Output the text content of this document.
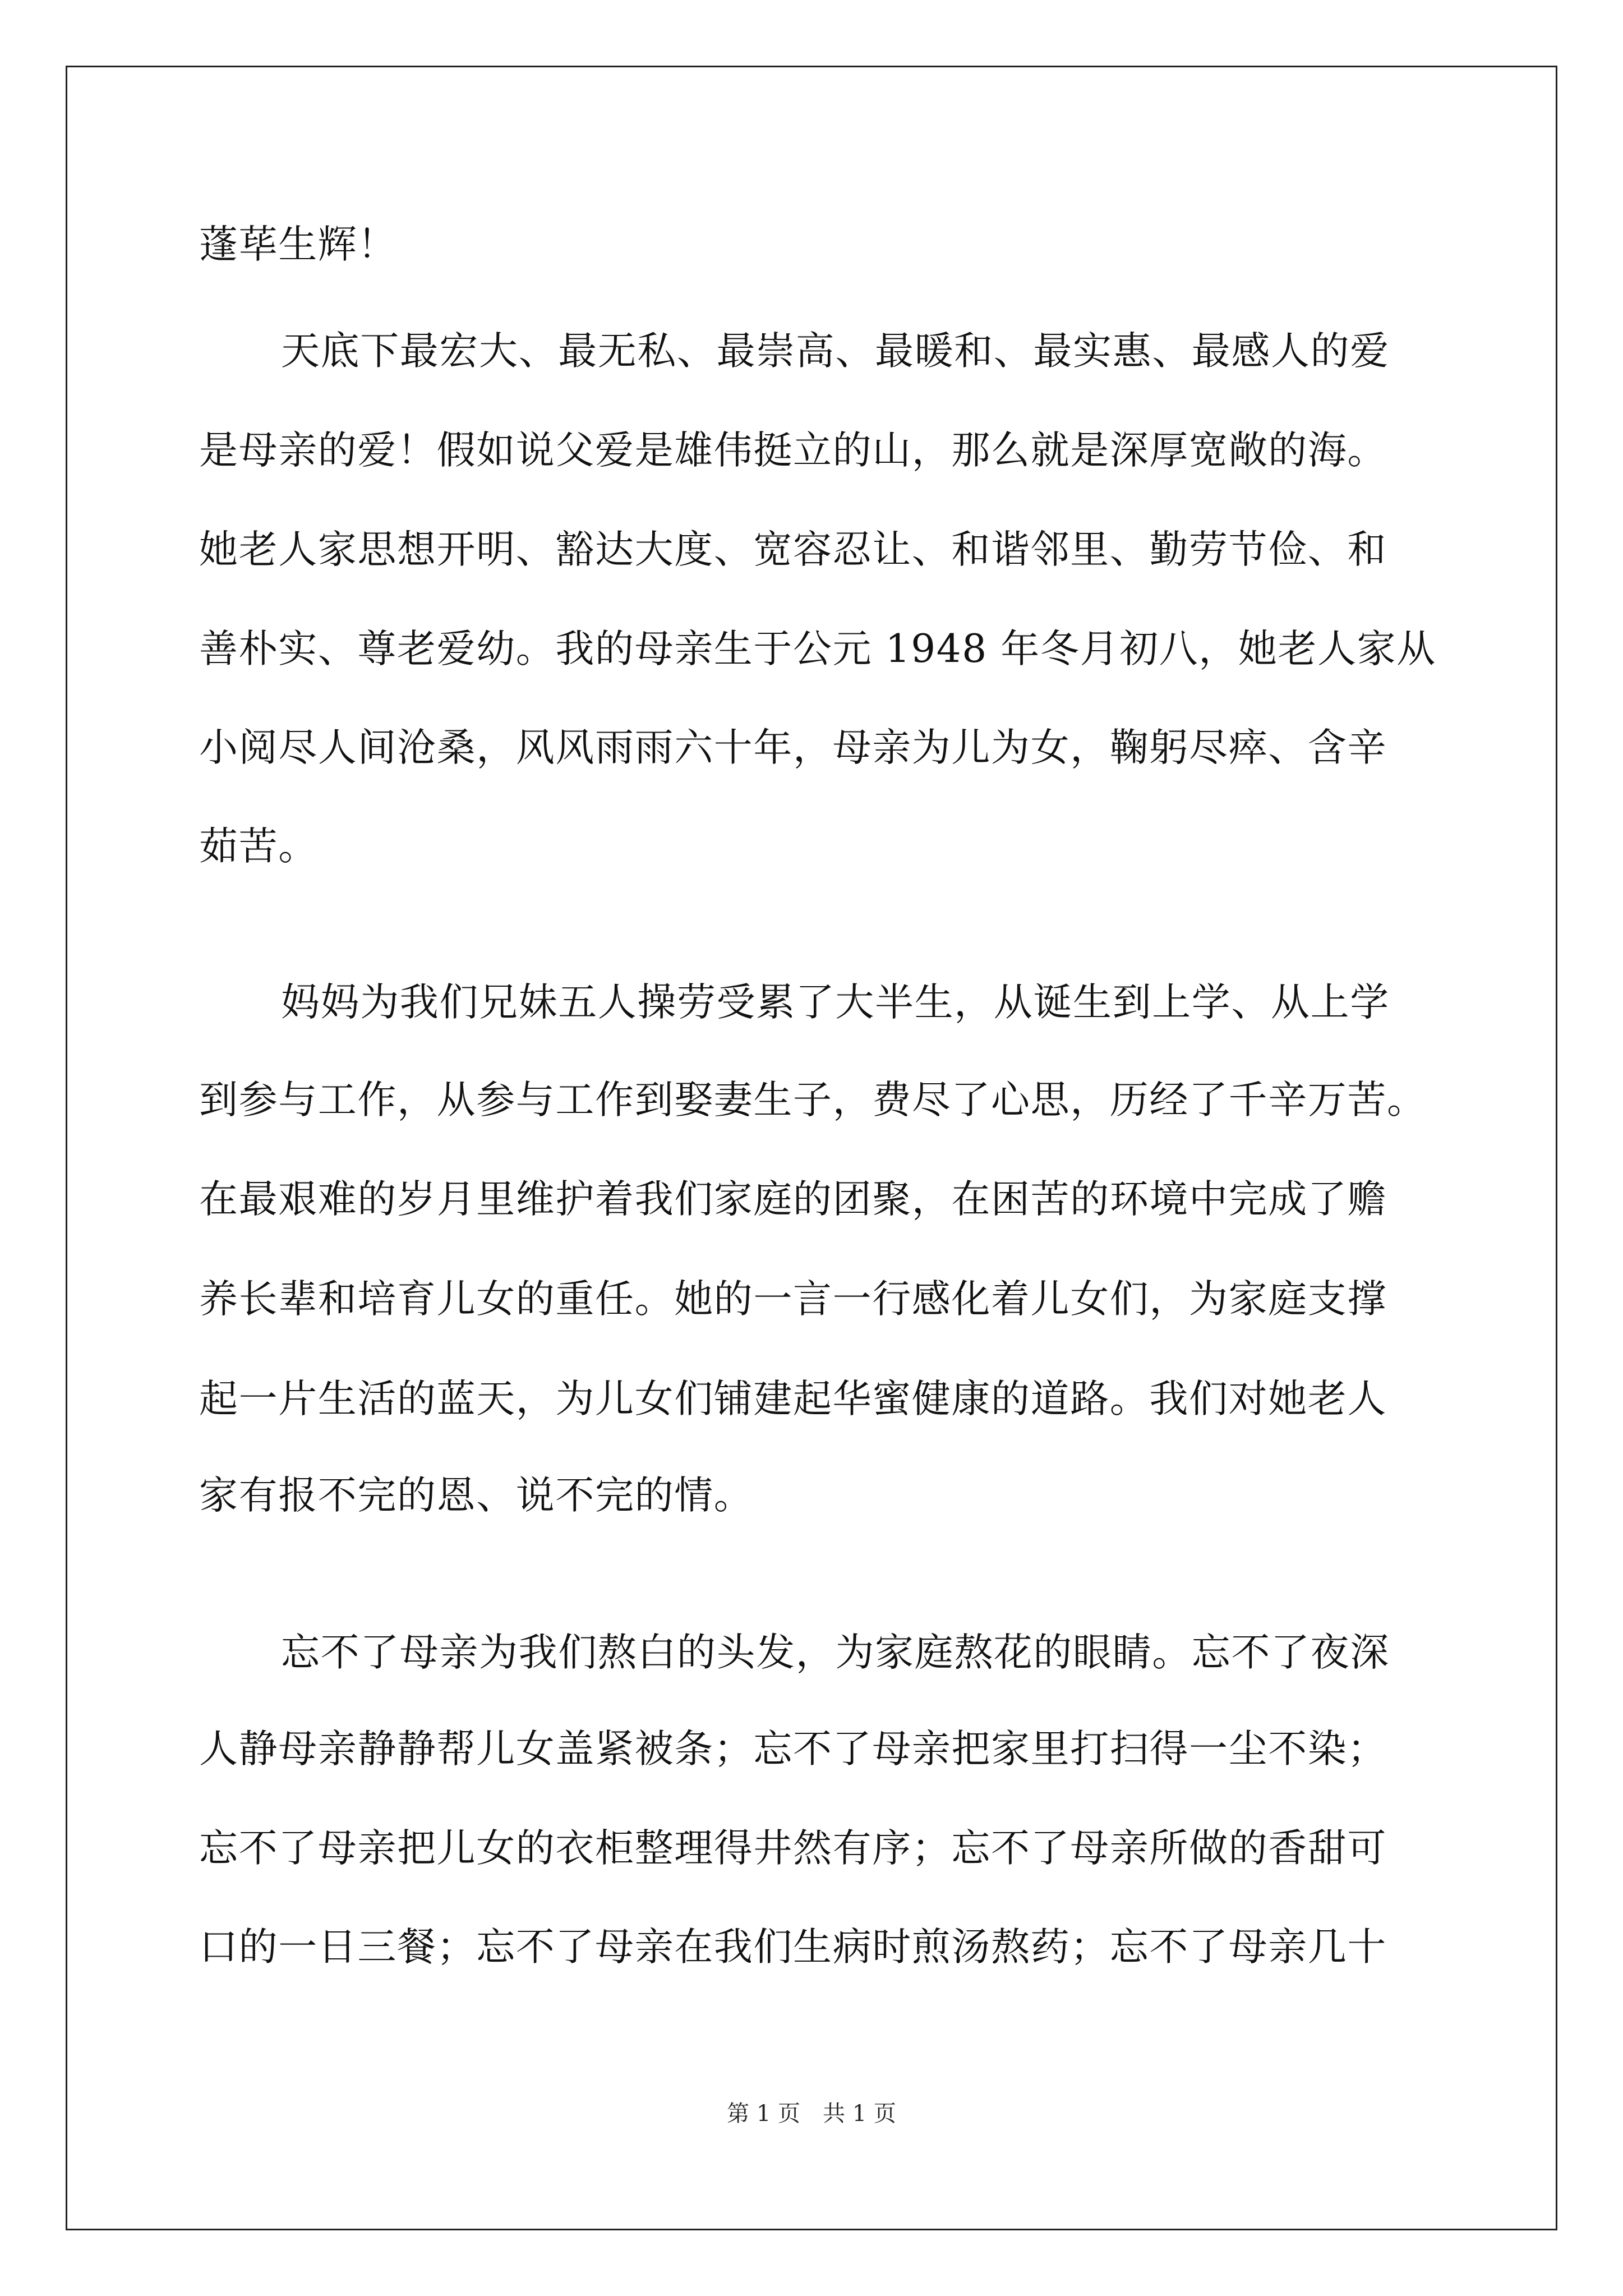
蓬荜生辉！
天底下最宏大、最无私、最崇高、最暖和、最实惠、最感人的爱
是母亲的爱！假如说父爱是雄伟挺立的山，那么就是深厚宽敞的海。
她老人家思想开明、豁达大度、宽容忍让、和谐邻里、勤劳节俭、和
善朴实、尊老爱幼。我的母亲生于公元 1948 年冬月初八，她老人家从
小阅尽人间沧桑，风风雨雨六十年，母亲为儿为女，鞠躬尽瘁、含辛
茹苦。
妈妈为我们兄妹五人操劳受累了大半生，从诞生到上学、从上学
到参与工作，从参与工作到娶妻生子，费尽了心思，历经了千辛万苦。
在最艰难的岁月里维护着我们家庭的团聚，在困苦的环境中完成了赡
养长辈和培育儿女的重任。她的一言一行感化着儿女们，为家庭支撑
起一片生活的蓝天，为儿女们铺建起华蜜健康的道路。我们对她老人
家有报不完的恩、说不完的情。
忘不了母亲为我们熬白的头发，为家庭熬花的眼睛。忘不了夜深
人静母亲静静帮儿女盖紧被条；忘不了母亲把家里打扫得一尘不染；
忘不了母亲把儿女的衣柜整理得井然有序；忘不了母亲所做的香甜可
口的一日三餐；忘不了母亲在我们生病时煎汤熬药；忘不了母亲几十
第 1 页　共 1 页
